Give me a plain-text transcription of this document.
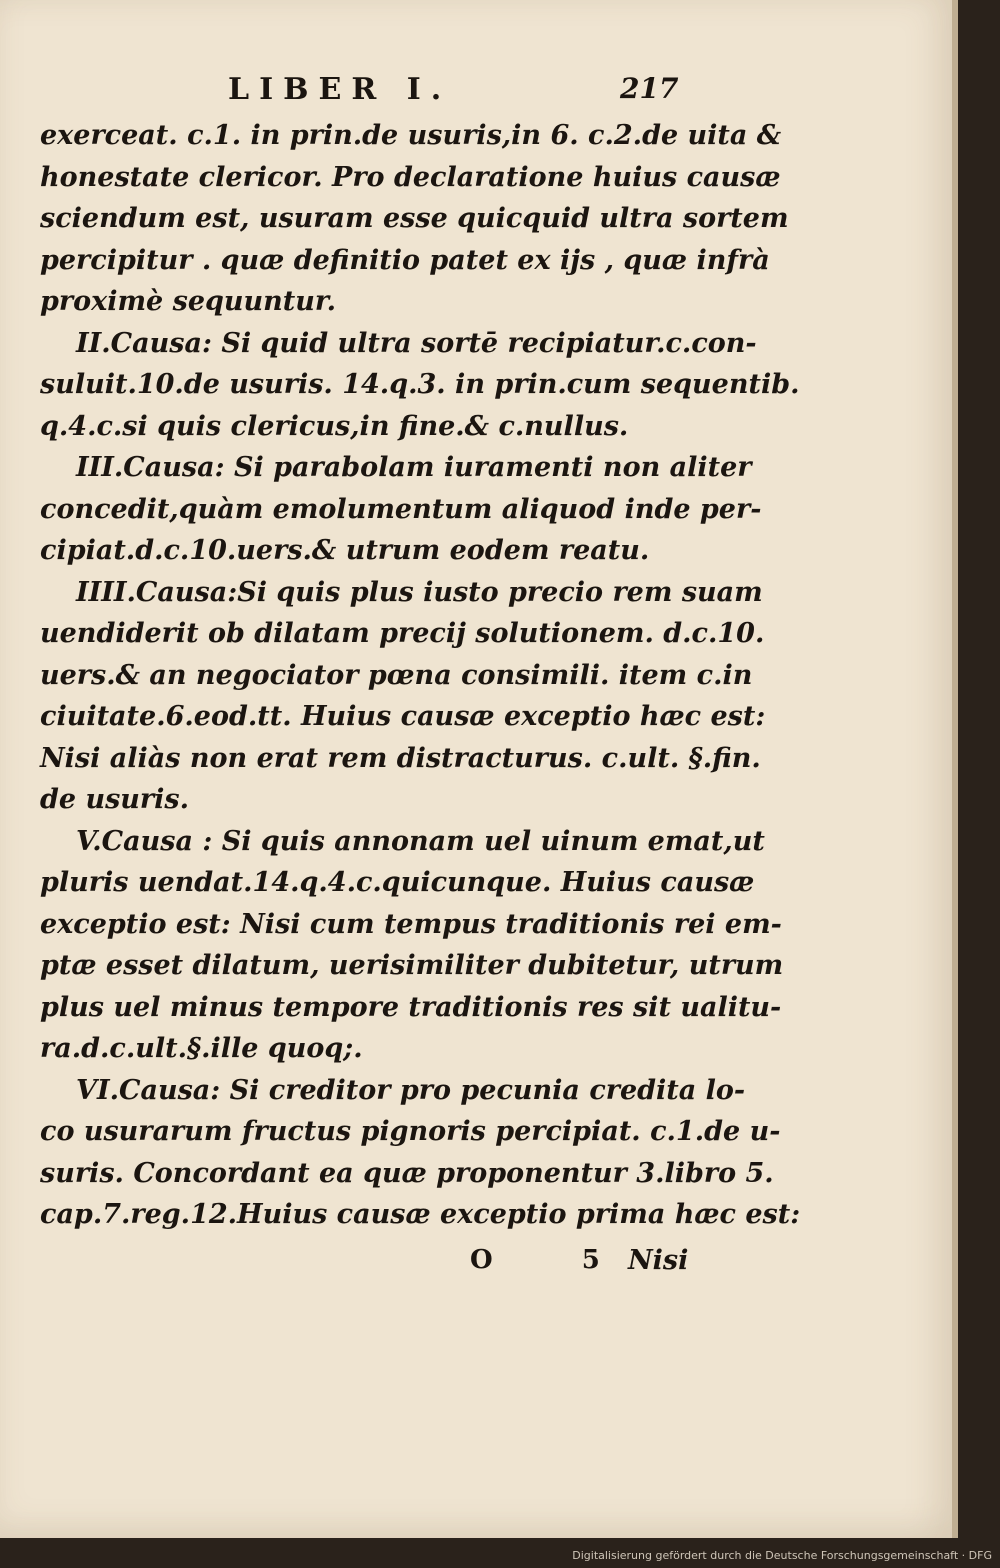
LIBER I.	217
exerceat. c.1. in prin.de usuris,in 6. c.2.de uita &
honestate clericor. Pro declaratione huius causæ
sciendum est, usuram esse quicquid ultra sortem
percipitur . quæ definitio patet ex ijs , quæ infrà
proximè sequuntur.
II.Causa: Si quid ultra sortē recipiatur.c.con-
suluit.10.de usuris. 14.q.3. in prin.cum sequentib.
q.4.c.si quis clericus,in fine.& c.nullus.
III.Causa: Si parabolam iuramenti non aliter
concedit,quàm emolumentum aliquod inde per-
cipiat.d.c.10.uers.& utrum eodem reatu.
IIII.Causa:Si quis plus iusto precio rem suam
uendiderit ob dilatam precij solutionem. d.c.10.
uers.& an negociator pœna consimili. item c.in
ciuitate.6.eod.tt. Huius causæ exceptio hæc est:
Nisi aliàs non erat rem distracturus. c.ult. §.fin.
de usuris.
V.Causa : Si quis annonam uel uinum emat,ut
pluris uendat.14.q.4.c.quicunque. Huius causæ
exceptio est: Nisi cum tempus traditionis rei em-
ptæ esset dilatum, uerisimiliter dubitetur, utrum
plus uel minus tempore traditionis res sit ualitu-
ra.d.c.ult.§.ille quoq;.
VI.Causa: Si creditor pro pecunia credita lo-
co usurarum fructus pignoris percipiat. c.1.de u-
suris. Concordant ea quæ proponentur 3.libro 5.
cap.7.reg.12.Huius causæ exceptio prima hæc est:
O 5
Nisi
Digitalisierung gefördert durch die Deutsche Forschungsgemeinschaft · DFG
